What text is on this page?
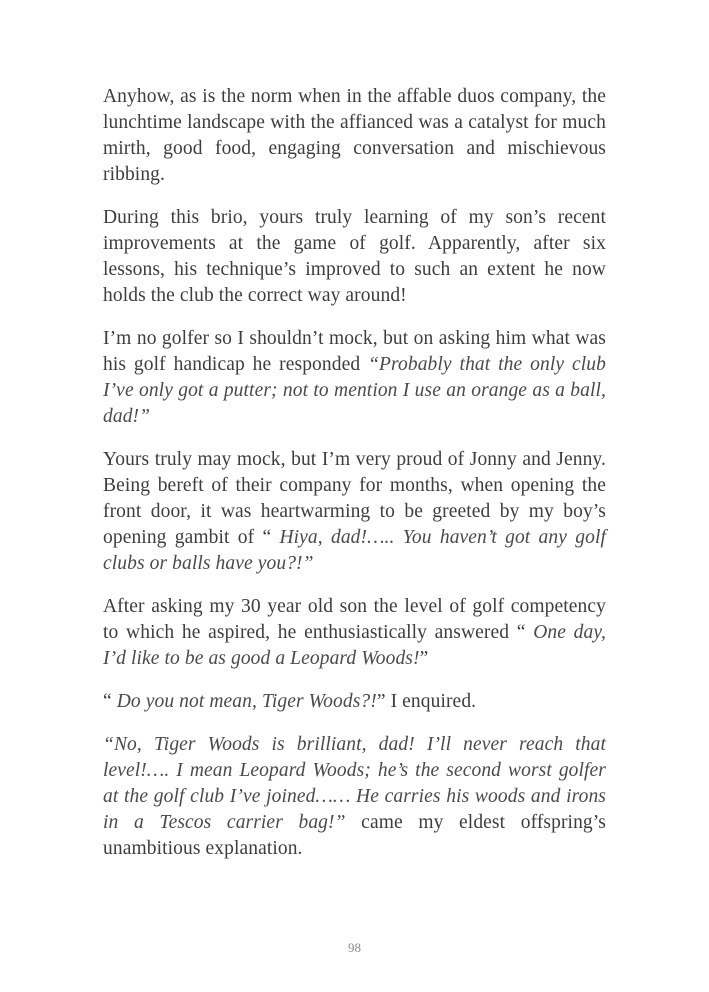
Anyhow, as is the norm when in the affable duos company, the lunchtime landscape with the affianced was a catalyst for much mirth, good food, engaging conversation and mischievous ribbing.

During this brio, yours truly learning of my son’s recent improvements at the game of golf. Apparently, after six lessons, his technique’s improved to such an extent he now holds the club the correct way around!

I’m no golfer so I shouldn’t mock, but on asking him what was his golf handicap he responded “Probably that the only club I’ve only got a putter; not to mention I use an orange as a ball, dad!”

Yours truly may mock, but I’m very proud of Jonny and Jenny. Being bereft of their company for months, when opening the front door, it was heartwarming to be greeted by my boy’s opening gambit of “ Hiya, dad!….. You haven’t got any golf clubs or balls have you?!”

After asking my 30 year old son the level of golf competency to which he aspired, he enthusiastically answered “ One day, I’d like to be as good a Leopard Woods!”

“ Do you not mean, Tiger Woods?!” I enquired.

“No, Tiger Woods is brilliant, dad! I’ll never reach that level!…. I mean Leopard Woods; he’s the second worst golfer at the golf club I’ve joined…… He carries his woods and irons in a Tescos carrier bag!” came my eldest offspring’s unambitious explanation.

98
